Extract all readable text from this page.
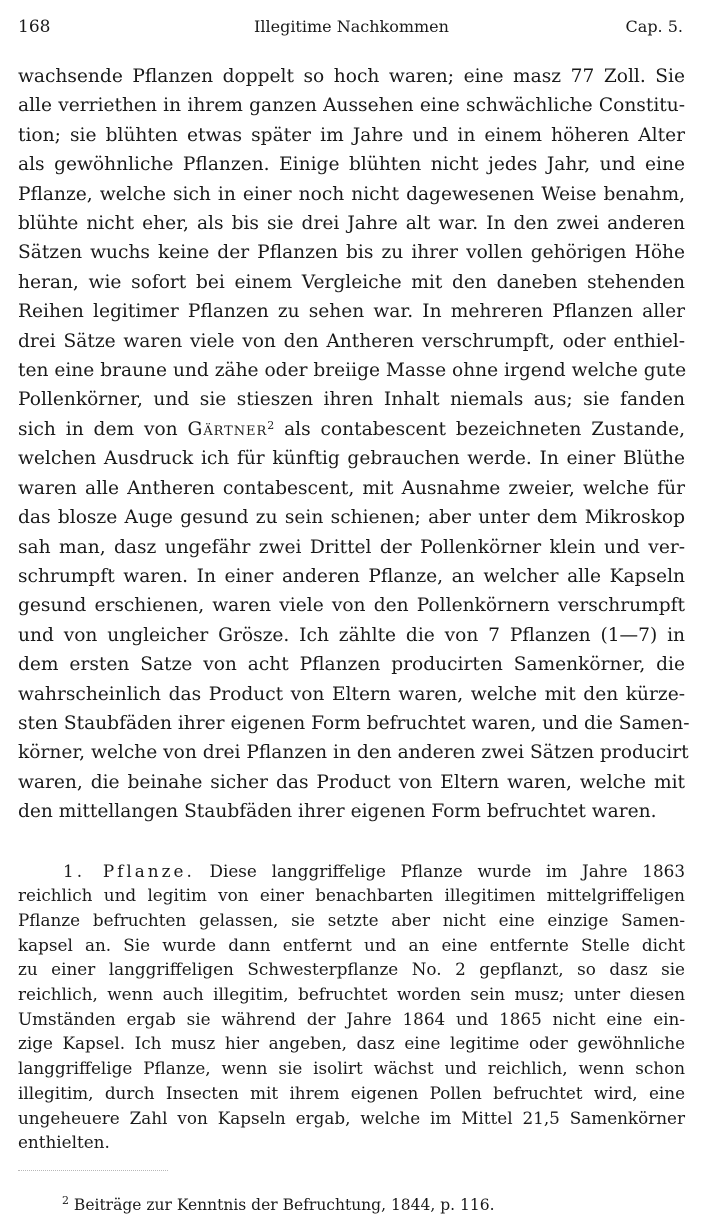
168	Illegitime Nachkommen	Cap. 5.
wachsende Pflanzen doppelt so hoch waren; eine masz 77 Zoll. Sie
alle verriethen in ihrem ganzen Aussehen eine schwächliche Constitu-
tion; sie blühten etwas später im Jahre und in einem höheren Alter
als gewöhnliche Pflanzen. Einige blühten nicht jedes Jahr, und eine
Pflanze, welche sich in einer noch nicht dagewesenen Weise benahm,
blühte nicht eher, als bis sie drei Jahre alt war. In den zwei anderen
Sätzen wuchs keine der Pflanzen bis zu ihrer vollen gehörigen Höhe
heran, wie sofort bei einem Vergleiche mit den daneben stehenden
Reihen legitimer Pflanzen zu sehen war. In mehreren Pflanzen aller
drei Sätze waren viele von den Antheren verschrumpft, oder enthiel-
ten eine braune und zähe oder breiige Masse ohne irgend welche gute
Pollenkörner, und sie stieszen ihren Inhalt niemals aus; sie fanden
sich in dem von Gärtner$^2$ als contabescent bezeichneten Zustande,
welchen Ausdruck ich für künftig gebrauchen werde. In einer Blüthe
waren alle Antheren contabescent, mit Ausnahme zweier, welche für
das blosze Auge gesund zu sein schienen; aber unter dem Mikroskop
sah man, dasz ungefähr zwei Drittel der Pollenkörner klein und ver-
schrumpft waren. In einer anderen Pflanze, an welcher alle Kapseln
gesund erschienen, waren viele von den Pollenkörnern verschrumpft
und von ungleicher Grösze. Ich zählte die von 7 Pflanzen (1—7) in
dem ersten Satze von acht Pflanzen producirten Samenkörner, die
wahrscheinlich das Product von Eltern waren, welche mit den kürze-
sten Staubfäden ihrer eigenen Form befruchtet waren, und die Samen-
körner, welche von drei Pflanzen in den anderen zwei Sätzen producirt
waren, die beinahe sicher das Product von Eltern waren, welche mit
den mittellangen Staubfäden ihrer eigenen Form befruchtet waren.
1. Pflanze. Diese langgriffelige Pflanze wurde im Jahre 1863
reichlich und legitim von einer benachbarten illegitimen mittelgriffeligen
Pflanze befruchten gelassen, sie setzte aber nicht eine einzige Samen-
kapsel an. Sie wurde dann entfernt und an eine entfernte Stelle dicht
zu einer langgriffeligen Schwesterpflanze No. 2 gepflanzt, so dasz sie
reichlich, wenn auch illegitim, befruchtet worden sein musz; unter diesen
Umständen ergab sie während der Jahre 1864 und 1865 nicht eine ein-
zige Kapsel. Ich musz hier angeben, dasz eine legitime oder gewöhnliche
langgriffelige Pflanze, wenn sie isolirt wächst und reichlich, wenn schon
illegitim, durch Insecten mit ihrem eigenen Pollen befruchtet wird, eine
ungeheuere Zahl von Kapseln ergab, welche im Mittel 21,5 Samenkörner
enthielten.
$^2$ Beiträge zur Kenntnis der Befruchtung, 1844, p. 116.
